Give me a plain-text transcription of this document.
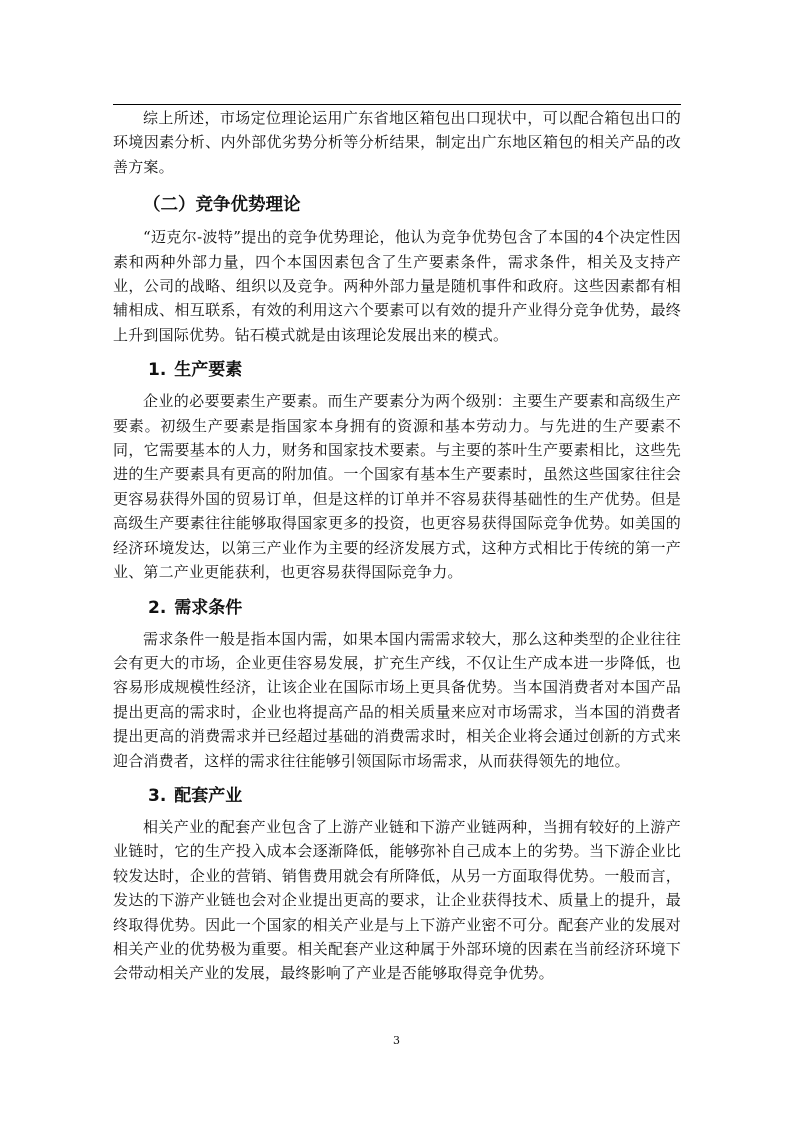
综上所述，市场定位理论运用广东省地区箱包出口现状中，可以配合箱包出口的环境因素分析、内外部优劣势分析等分析结果，制定出广东地区箱包的相关产品的改善方案。

（二）竞争优势理论

“迈克尔-波特”提出的竞争优势理论，他认为竞争优势包含了本国的4个决定性因素和两种外部力量，四个本国因素包含了生产要素条件，需求条件，相关及支持产业，公司的战略、组织以及竞争。两种外部力量是随机事件和政府。这些因素都有相辅相成、相互联系，有效的利用这六个要素可以有效的提升产业得分竞争优势，最终上升到国际优势。钻石模式就是由该理论发展出来的模式。

1. 生产要素

企业的必要要素生产要素。而生产要素分为两个级别：主要生产要素和高级生产要素。初级生产要素是指国家本身拥有的资源和基本劳动力。与先进的生产要素不同，它需要基本的人力，财务和国家技术要素。与主要的茶叶生产要素相比，这些先进的生产要素具有更高的附加值。一个国家有基本生产要素时，虽然这些国家往往会更容易获得外国的贸易订单，但是这样的订单并不容易获得基础性的生产优势。但是高级生产要素往往能够取得国家更多的投资，也更容易获得国际竞争优势。如美国的经济环境发达，以第三产业作为主要的经济发展方式，这种方式相比于传统的第一产业、第二产业更能获利，也更容易获得国际竞争力。

2. 需求条件

需求条件一般是指本国内需，如果本国内需需求较大，那么这种类型的企业往往会有更大的市场，企业更佳容易发展，扩充生产线，不仅让生产成本进一步降低，也容易形成规模性经济，让该企业在国际市场上更具备优势。当本国消费者对本国产品提出更高的需求时，企业也将提高产品的相关质量来应对市场需求，当本国的消费者提出更高的消费需求并已经超过基础的消费需求时，相关企业将会通过创新的方式来迎合消费者，这样的需求往往能够引领国际市场需求，从而获得领先的地位。

3. 配套产业

相关产业的配套产业包含了上游产业链和下游产业链两种，当拥有较好的上游产业链时，它的生产投入成本会逐渐降低，能够弥补自己成本上的劣势。当下游企业比较发达时，企业的营销、销售费用就会有所降低，从另一方面取得优势。一般而言，发达的下游产业链也会对企业提出更高的要求，让企业获得技术、质量上的提升，最终取得优势。因此一个国家的相关产业是与上下游产业密不可分。配套产业的发展对相关产业的优势极为重要。相关配套产业这种属于外部环境的因素在当前经济环境下会带动相关产业的发展，最终影响了产业是否能够取得竞争优势。

3
